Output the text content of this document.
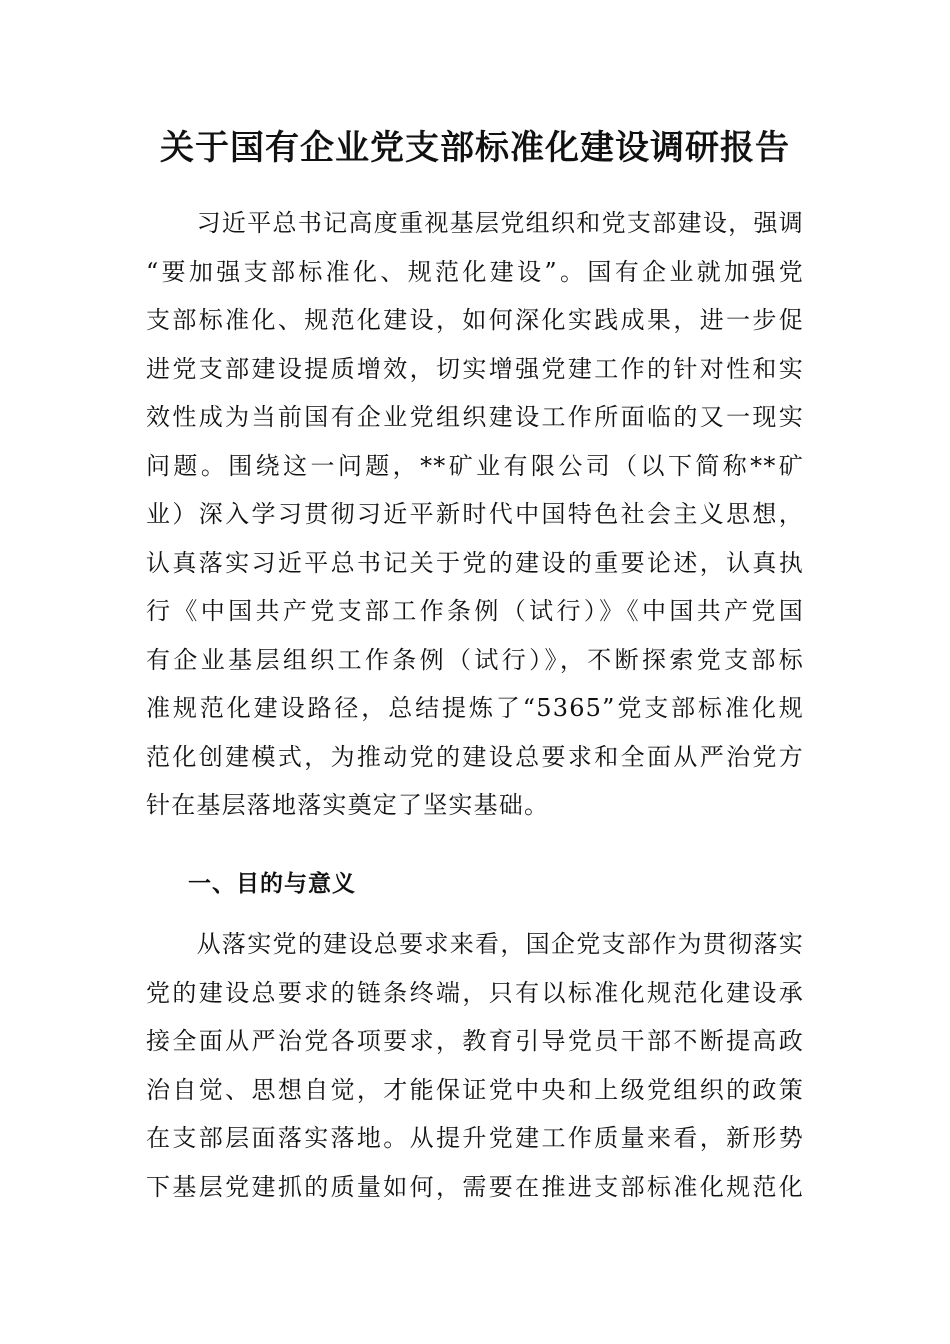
关于国有企业党支部标准化建设调研报告
　　习近平总书记高度重视基层党组织和党支部建设，强调
“要加强支部标准化、规范化建设”。国有企业就加强党
支部标准化、规范化建设，如何深化实践成果，进一步促
进党支部建设提质增效，切实增强党建工作的针对性和实
效性成为当前国有企业党组织建设工作所面临的又一现实
问题。围绕这一问题，**矿业有限公司（以下简称**矿
业）深入学习贯彻习近平新时代中国特色社会主义思想，
认真落实习近平总书记关于党的建设的重要论述，认真执
行《中国共产党支部工作条例（试行）》《中国共产党国
有企业基层组织工作条例（试行）》，不断探索党支部标
准规范化建设路径，总结提炼了“5365”党支部标准化规
范化创建模式，为推动党的建设总要求和全面从严治党方
针在基层落地落实奠定了坚实基础。
一、目的与意义
　　从落实党的建设总要求来看，国企党支部作为贯彻落实
党的建设总要求的链条终端，只有以标准化规范化建设承
接全面从严治党各项要求，教育引导党员干部不断提高政
治自觉、思想自觉，才能保证党中央和上级党组织的政策
在支部层面落实落地。从提升党建工作质量来看，新形势
下基层党建抓的质量如何，需要在推进支部标准化规范化
